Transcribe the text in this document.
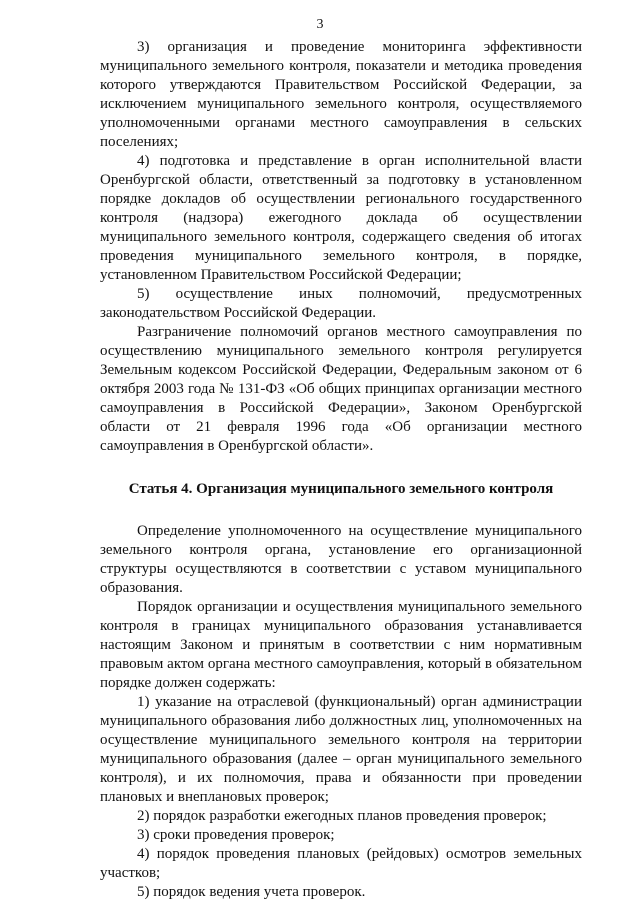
3

3) организация и проведение мониторинга эффективности муниципального земельного контроля, показатели и методика проведения которого утверждаются Правительством Российской Федерации, за исключением муниципального земельного контроля, осуществляемого уполномоченными органами местного самоуправления в сельских поселениях;

4) подготовка и представление в орган исполнительной власти Оренбургской области, ответственный за подготовку в установленном порядке докладов об осуществлении регионального государственного контроля (надзора) ежегодного доклада об осуществлении муниципального земельного контроля, содержащего сведения об итогах проведения муниципального земельного контроля, в порядке, установленном Правительством Российской Федерации;

5) осуществление иных полномочий, предусмотренных законодательством Российской Федерации.

Разграничение полномочий органов местного самоуправления по осуществлению муниципального земельного контроля регулируется Земельным кодексом Российской Федерации, Федеральным законом от 6 октября 2003 года № 131-ФЗ «Об общих принципах организации местного самоуправления в Российской Федерации», Законом Оренбургской области от 21 февраля 1996 года «Об организации местного самоуправления в Оренбургской области».

Статья 4. Организация муниципального земельного контроля

Определение уполномоченного на осуществление муниципального земельного контроля органа, установление его организационной структуры осуществляются в соответствии с уставом муниципального образования.

Порядок организации и осуществления муниципального земельного контроля в границах муниципального образования устанавливается настоящим Законом и принятым в соответствии с ним нормативным правовым актом органа местного самоуправления, который в обязательном порядке должен содержать:

1) указание на отраслевой (функциональный) орган администрации муниципального образования либо должностных лиц, уполномоченных на осуществление муниципального земельного контроля на территории муниципального образования (далее – орган муниципального земельного контроля), и их полномочия, права и обязанности при проведении плановых и внеплановых проверок;

2) порядок разработки ежегодных планов проведения проверок;

3) сроки проведения проверок;

4) порядок проведения плановых (рейдовых) осмотров земельных участков;

5) порядок ведения учета проверок.
